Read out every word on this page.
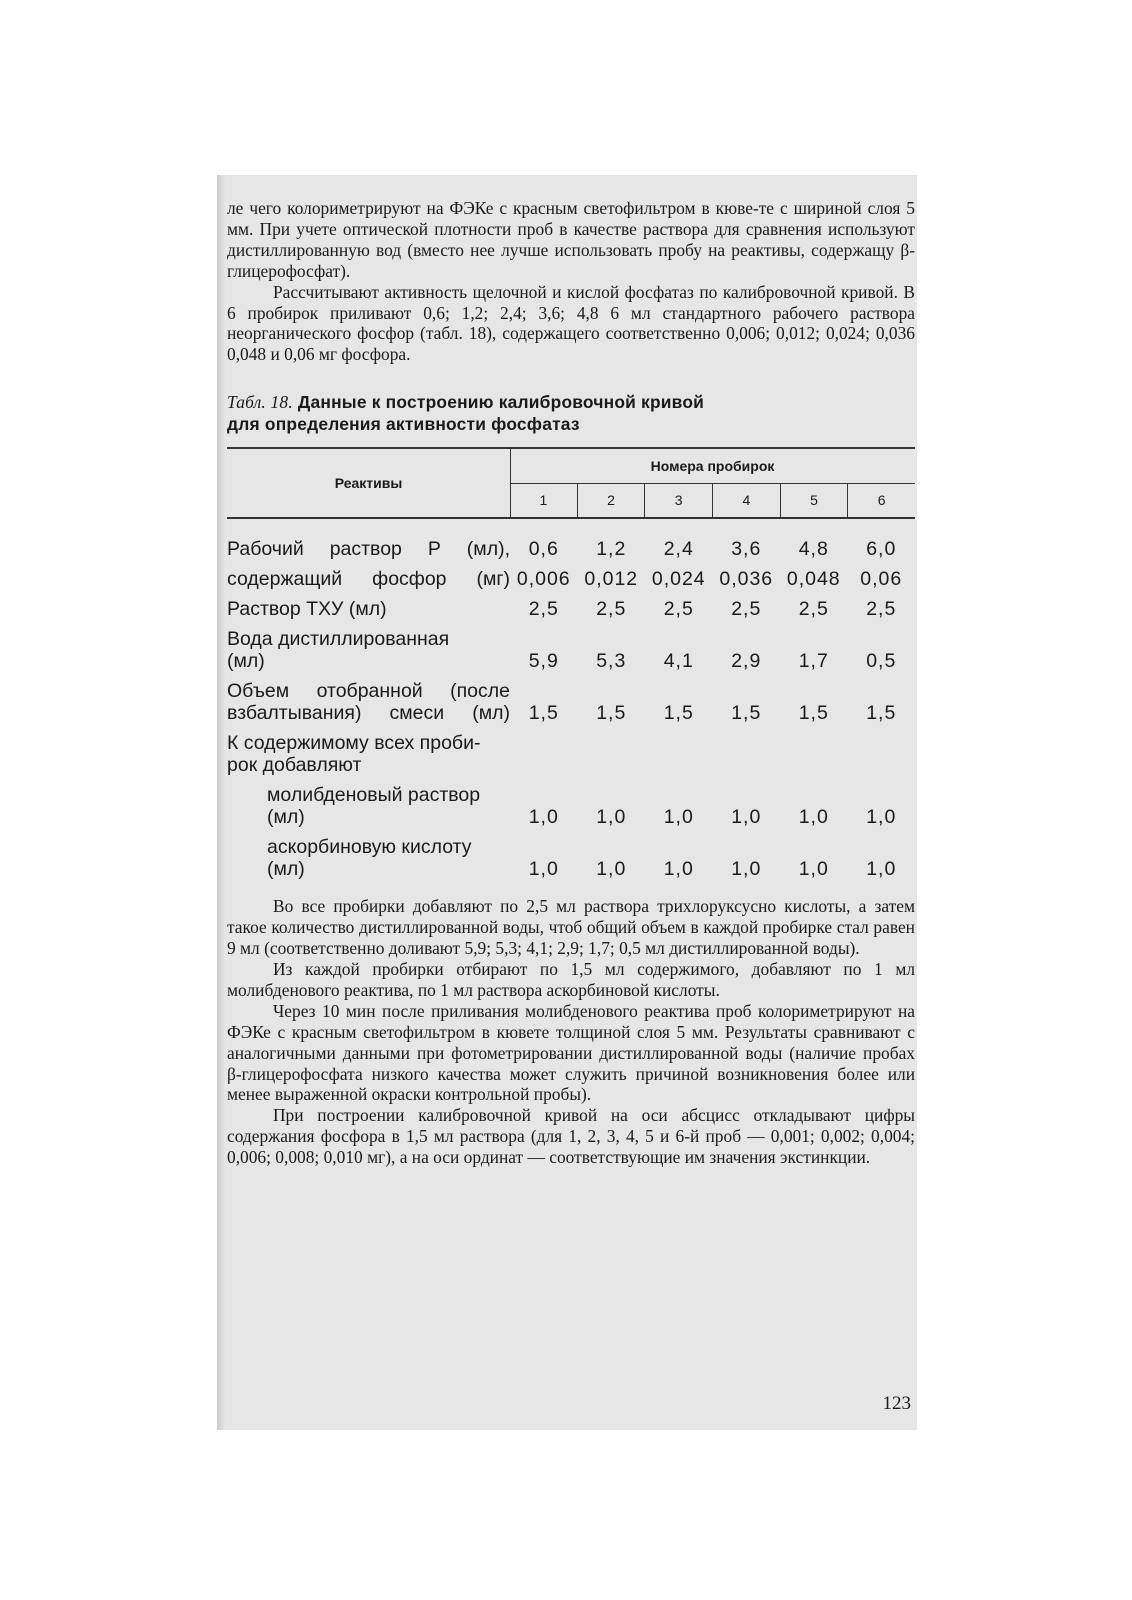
ле чего колориметрируют на ФЭКе с красным светофильтром в кюве-те с шириной слоя 5 мм. При учете оптической плотности проб в качестве раствора для сравнения используют дистиллированную вод (вместо нее лучше использовать пробу на реактивы, содержащу β-глицерофосфат).

Рассчитывают активность щелочной и кислой фосфатаз по калибровочной кривой. В 6 пробирок приливают 0,6; 1,2; 2,4; 3,6; 4,8 6 мл стандартного рабочего раствора неорганического фосфор (табл. 18), содержащего соответственно 0,006; 0,012; 0,024; 0,036 0,048 и 0,06 мг фосфора.

Табл. 18. Данные к построению калибровочной кривой
для определения активности фосфатаз
Реактивы
Номера пробирок
1	2	3	4	5	6
Рабочий раствор Р (мл),	0,6	1,2	2,4	3,6	4,8	6,0
содержащий фосфор (мг)	0,006	0,012	0,024	0,036	0,048	0,06
Раствор ТХУ (мл)	2,5	2,5	2,5	2,5	2,5	2,5
Вода дистиллированная
(мл)	5,9	5,3	4,1	2,9	1,7	0,5
Объем отобранной (после
взбалтывания) смеси (мл)	1,5	1,5	1,5	1,5	1,5	1,5
К содержимому всех проби-
рок добавляют						
молибденовый раствор
(мл)	1,0	1,0	1,0	1,0	1,0	1,0
аскорбиновую кислоту
(мл)	1,0	1,0	1,0	1,0	1,0	1,0

Во все пробирки добавляют по 2,5 мл раствора трихлоруксусно кислоты, а затем такое количество дистиллированной воды, чтоб общий объем в каждой пробирке стал равен 9 мл (соответственно доливают 5,9; 5,3; 4,1; 2,9; 1,7; 0,5 мл дистиллированной воды).

Из каждой пробирки отбирают по 1,5 мл содержимого, добавляют по 1 мл молибденового реактива, по 1 мл раствора аскорбиновой кислоты.

Через 10 мин после приливания молибденового реактива проб колориметрируют на ФЭКе с красным светофильтром в кювете толщиной слоя 5 мм. Результаты сравнивают с аналогичными данными при фотометрировании дистиллированной воды (наличие пробах β-глицерофосфата низкого качества может служить причиной возникновения более или менее выраженной окраски контрольной пробы).

При построении калибровочной кривой на оси абсцисс откладывают цифры содержания фосфора в 1,5 мл раствора (для 1, 2, 3, 4, 5 и 6-й проб — 0,001; 0,002; 0,004; 0,006; 0,008; 0,010 мг), а на оси ординат — соответствующие им значения экстинкции.

123
